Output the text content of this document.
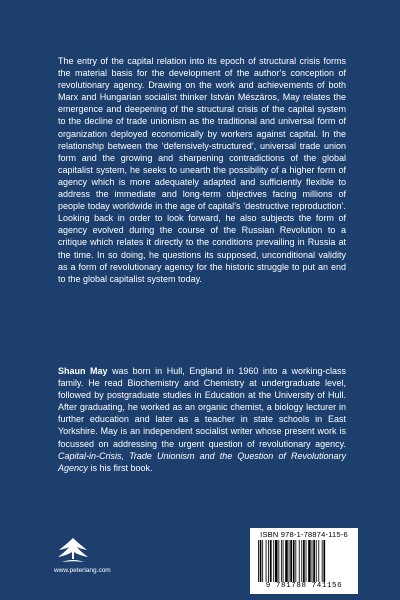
The entry of the capital relation into its epoch of structural crisis forms the material basis for the development of the author’s conception of revolutionary agency. Drawing on the work and achievements of both Marx and Hungarian socialist thinker István Mészáros, May relates the emergence and deepening of the structural crisis of the capital system to the decline of trade unionism as the traditional and universal form of organization deployed economically by workers against capital. In the relationship between the ‘defensively-structured’, universal trade union form and the growing and sharpening contradictions of the global capitalist system, he seeks to unearth the possibility of a higher form of agency which is more adequately adapted and sufficiently flexible to address the immediate and long-term objectives facing millions of people today worldwide in the age of capital’s ‘destructive reproduction’. Looking back in order to look forward, he also subjects the form of agency evolved during the course of the Russian Revolution to a critique which relates it directly to the conditions prevailing in Russia at the time. In so doing, he questions its supposed, unconditional validity as a form of revolutionary agency for the historic struggle to put an end to the global capitalist system today.

Shaun May was born in Hull, England in 1960 into a working-class family. He read Biochemistry and Chemistry at undergraduate level, followed by postgraduate studies in Education at the University of Hull. After graduating, he worked as an organic chemist, a biology lecturer in further education and later as a teacher in state schools in East Yorkshire. May is an independent socialist writer whose present work is focussed on addressing the urgent question of revolutionary agency. Capital-in-Crisis, Trade Unionism and the Question of Revolutionary Agency is his first book.

www.peterlang.com
ISBN 978-1-78874-115-6
9 781788 741156
